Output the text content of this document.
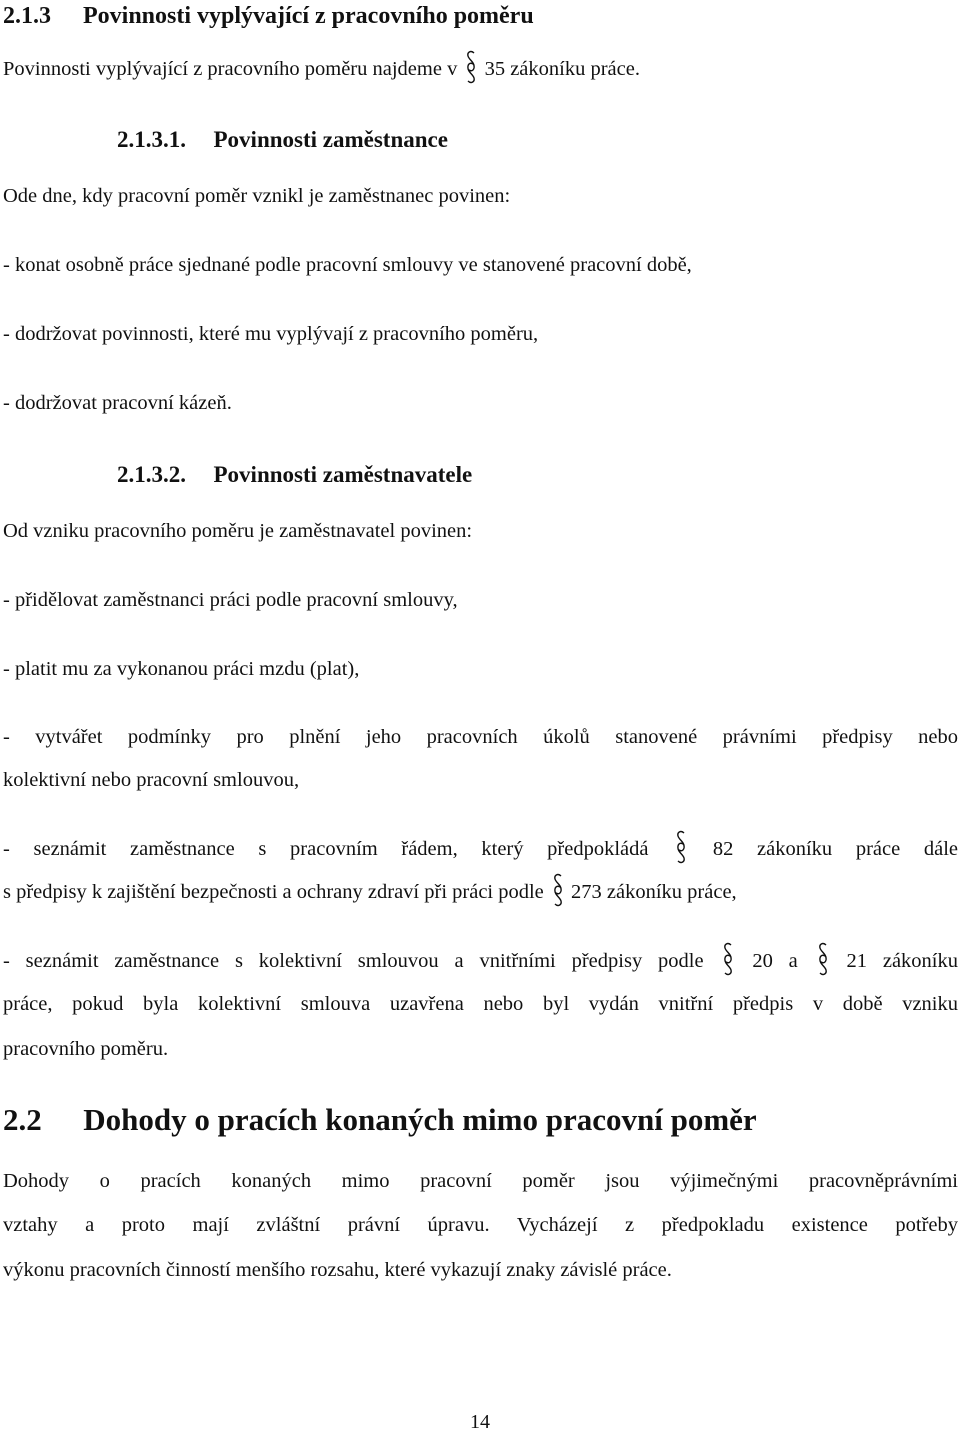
2.1.3 Povinnosti vyplývající z pracovního poměru

Povinnosti vyplývající z pracovního poměru najdeme v 35 zákoníku práce.

2.1.3.1. Povinnosti zaměstnance

Ode dne, kdy pracovní poměr vznikl je zaměstnanec povinen:

- konat osobně práce sjednané podle pracovní smlouvy ve stanovené pracovní době,

- dodržovat povinnosti, které mu vyplývají z pracovního poměru,

- dodržovat pracovní kázeň.

2.1.3.2. Povinnosti zaměstnavatele

Od vzniku pracovního poměru je zaměstnavatel povinen:

- přidělovat zaměstnanci práci podle pracovní smlouvy,

- platit mu za vykonanou práci mzdu (plat),

- vytvářet podmínky pro plnění jeho pracovních úkolů stanovené právními předpisy nebo

kolektivní nebo pracovní smlouvou,

- seznámit zaměstnance s pracovním řádem, který předpokládá	82 zákoníku práce dále

s předpisy k zajištění bezpečnosti a ochrany zdraví při práci podle 273 zákoníku práce,

- seznámit zaměstnance s kolektivní smlouvou a vnitřními předpisy podle 20 a 21 zákoníku

práce, pokud byla kolektivní smlouva uzavřena nebo byl vydán vnitřní předpis v době vzniku

pracovního poměru.

2.2 Dohody o pracích konaných mimo pracovní poměr

Dohody o pracích konaných mimo pracovní poměr jsou výjimečnými pracovněprávními

vztahy a proto mají zvláštní právní úpravu. Vycházejí z předpokladu existence potřeby

výkonu pracovních činností menšího rozsahu, které vykazují znaky závislé práce.

14
